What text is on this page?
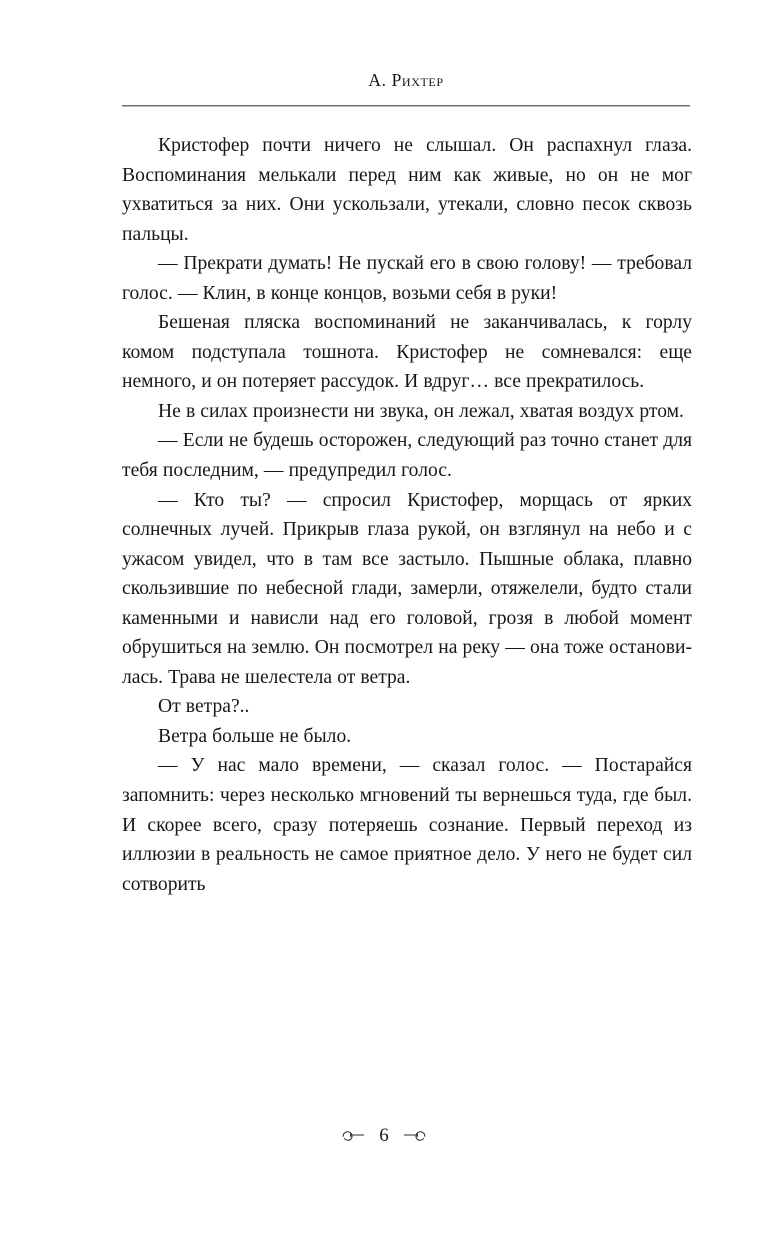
А. Рихтер

Кристофер почти ничего не слышал. Он распахнул глаза. Воспоминания мелькали перед ним как живые, но он не мог ухватиться за них. Они ускользали, утекали, словно песок сквозь пальцы.

— Прекрати думать! Не пускай его в свою голову! — требовал голос. — Клин, в конце концов, возьми себя в руки!

Бешеная пляска воспоминаний не заканчивалась, к горлу комом подступала тошнота. Кристофер не сомневался: еще немного, и он потеряет рассудок. И вдруг… все прекратилось.

Не в силах произнести ни звука, он лежал, хватая воздух ртом.

— Если не будешь осторожен, следующий раз точно станет для тебя последним, — предупредил голос.

— Кто ты? — спросил Кристофер, морщась от ярких солнечных лучей. Прикрыв глаза рукой, он взглянул на небо и с ужасом увидел, что в там все застыло. Пышные облака, плавно скользившие по небесной глади, замерли, отяжелели, будто стали каменными и нависли над его головой, грозя в любой момент обрушиться на землю. Он посмотрел на реку — она тоже остановилась. Трава не шелестела от ветра.

От ветра?..

Ветра больше не было.

— У нас мало времени, — сказал голос. — Постарайся запомнить: через несколько мгновений ты вернешься туда, где был. И скорее всего, сразу потеряешь сознание. Первый переход из иллюзии в реальность не самое приятное дело. У него не будет сил сотворить

6
